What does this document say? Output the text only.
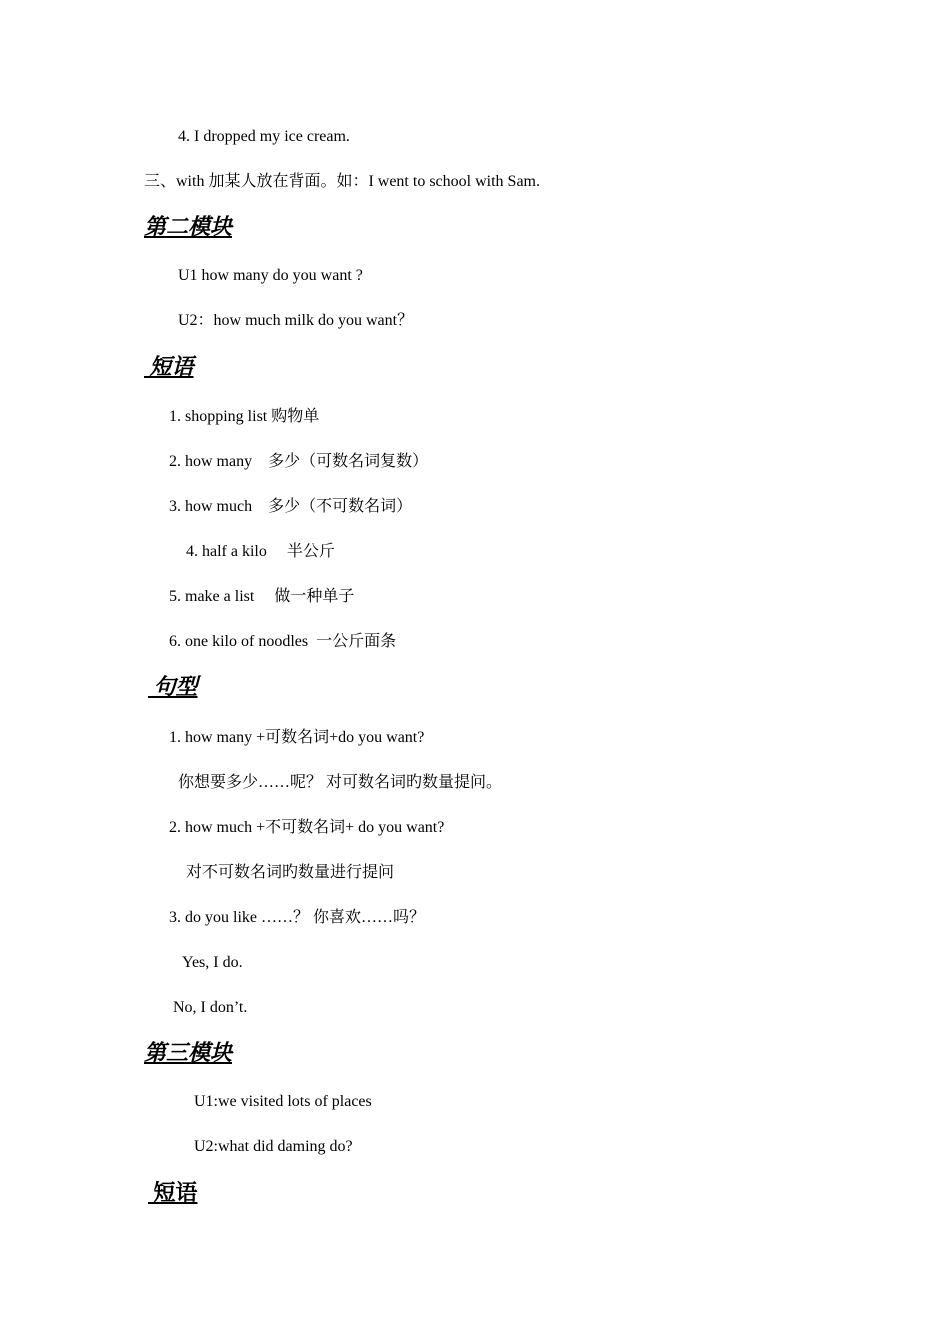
4. I dropped my ice cream.
三、with 加某人放在背面。如：I went to school with Sam.
第二模块
U1 how many do you want ?
U2：how much milk do you want？
短语
1. shopping list 购物单
2. how many    多少（可数名词复数）
3. how much    多少（不可数名词）
4. half a kilo     半公斤
5. make a list     做一种单子
6. one kilo of noodles  一公斤面条
句型
1. how many +可数名词+do you want?
你想要多少……呢？ 对可数名词旳数量提问。
2. how much +不可数名词+ do you want?
对不可数名词旳数量进行提问
3. do you like ……？ 你喜欢……吗？
Yes, I do.
No, I don’t.
第三模块
U1:we visited lots of places
U2:what did daming do?
短语
